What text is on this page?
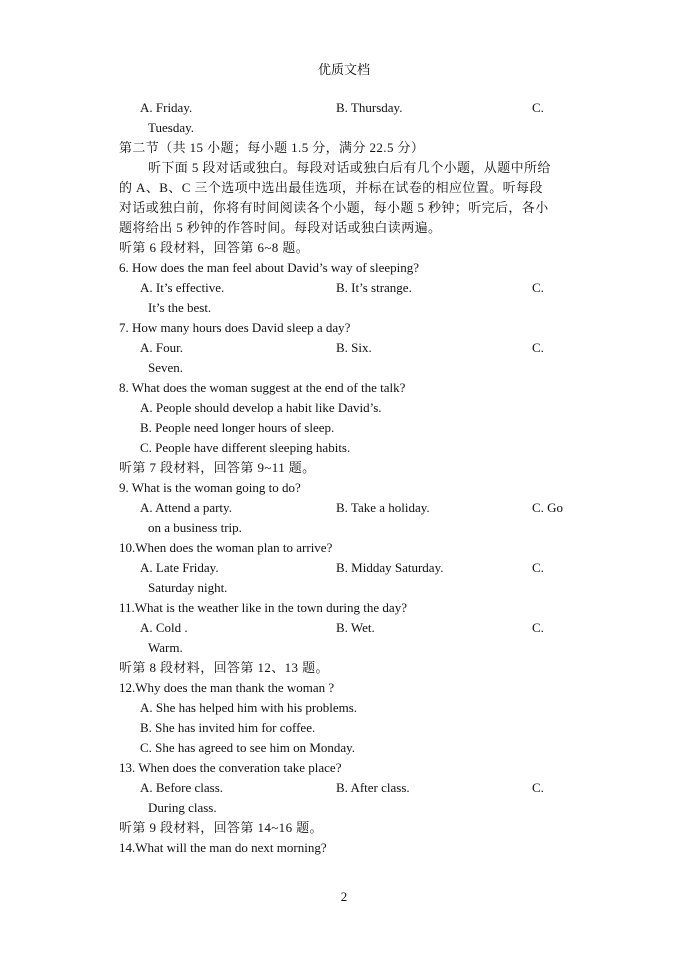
优质文档
A. Friday.	B. Thursday.	C.
Tuesday.
第二节（共 15 小题；每小题 1.5 分，满分 22.5 分）
听下面 5 段对话或独白。每段对话或独白后有几个小题，从题中所给
的 A、B、C 三个选项中选出最佳选项，并标在试卷的相应位置。听每段
对话或独白前，你将有时间阅读各个小题，每小题 5 秒钟；听完后，各小
题将给出 5 秒钟的作答时间。每段对话或独白读两遍。
听第 6 段材料，回答第 6~8 题。
6. How does the man feel about David’s way of sleeping?
A. It’s effective.	B. It’s strange.	C.
It’s the best.
7. How many hours does David sleep a day?
A. Four.	B. Six.	C.
Seven.
8. What does the woman suggest at the end of the talk?
A. People should develop a habit like David’s.
B. People need longer hours of sleep.
C. People have different sleeping habits.
听第 7 段材料，回答第 9~11 题。
9. What is the woman going to do?
A. Attend a party.	B. Take a holiday.	C. Go
on a business trip.
10.When does the woman plan to arrive?
A. Late Friday.	B. Midday Saturday.	C.
Saturday night.
11.What is the weather like in the town during the day?
A. Cold .	B. Wet.	C.
Warm.
听第 8 段材料，回答第 12、13 题。
12.Why does the man thank the woman ?
A. She has helped him with his problems.
B. She has invited him for coffee.
C. She has agreed to see him on Monday.
13. When does the converation take place?
A. Before class.	B. After class.	C.
During class.
听第 9 段材料，回答第 14~16 题。
14.What will the man do next morning?
2
